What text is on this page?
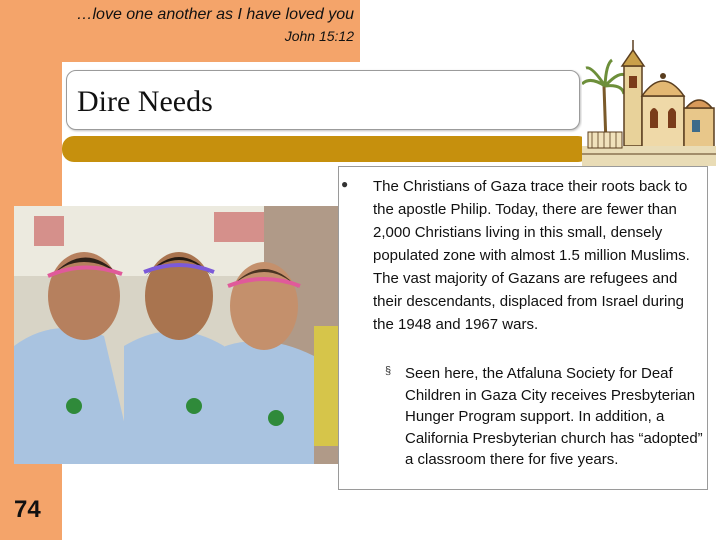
…love one another as I have loved you
John 15:12
Dire Needs
74
● The Christians of Gaza trace their roots back to the apostle Philip. Today, there are fewer than 2,000 Christians living in this small, densely populated zone with almost 1.5 million Muslims. The vast majority of Gazans are refugees and their descendants, displaced from Israel during the 1948 and 1967 wars.
§ Seen here, the Atfaluna Society for Deaf Children in Gaza City receives Presbyterian Hunger Program support. In addition, a California Presbyterian church has “adopted” a classroom there for five years.
